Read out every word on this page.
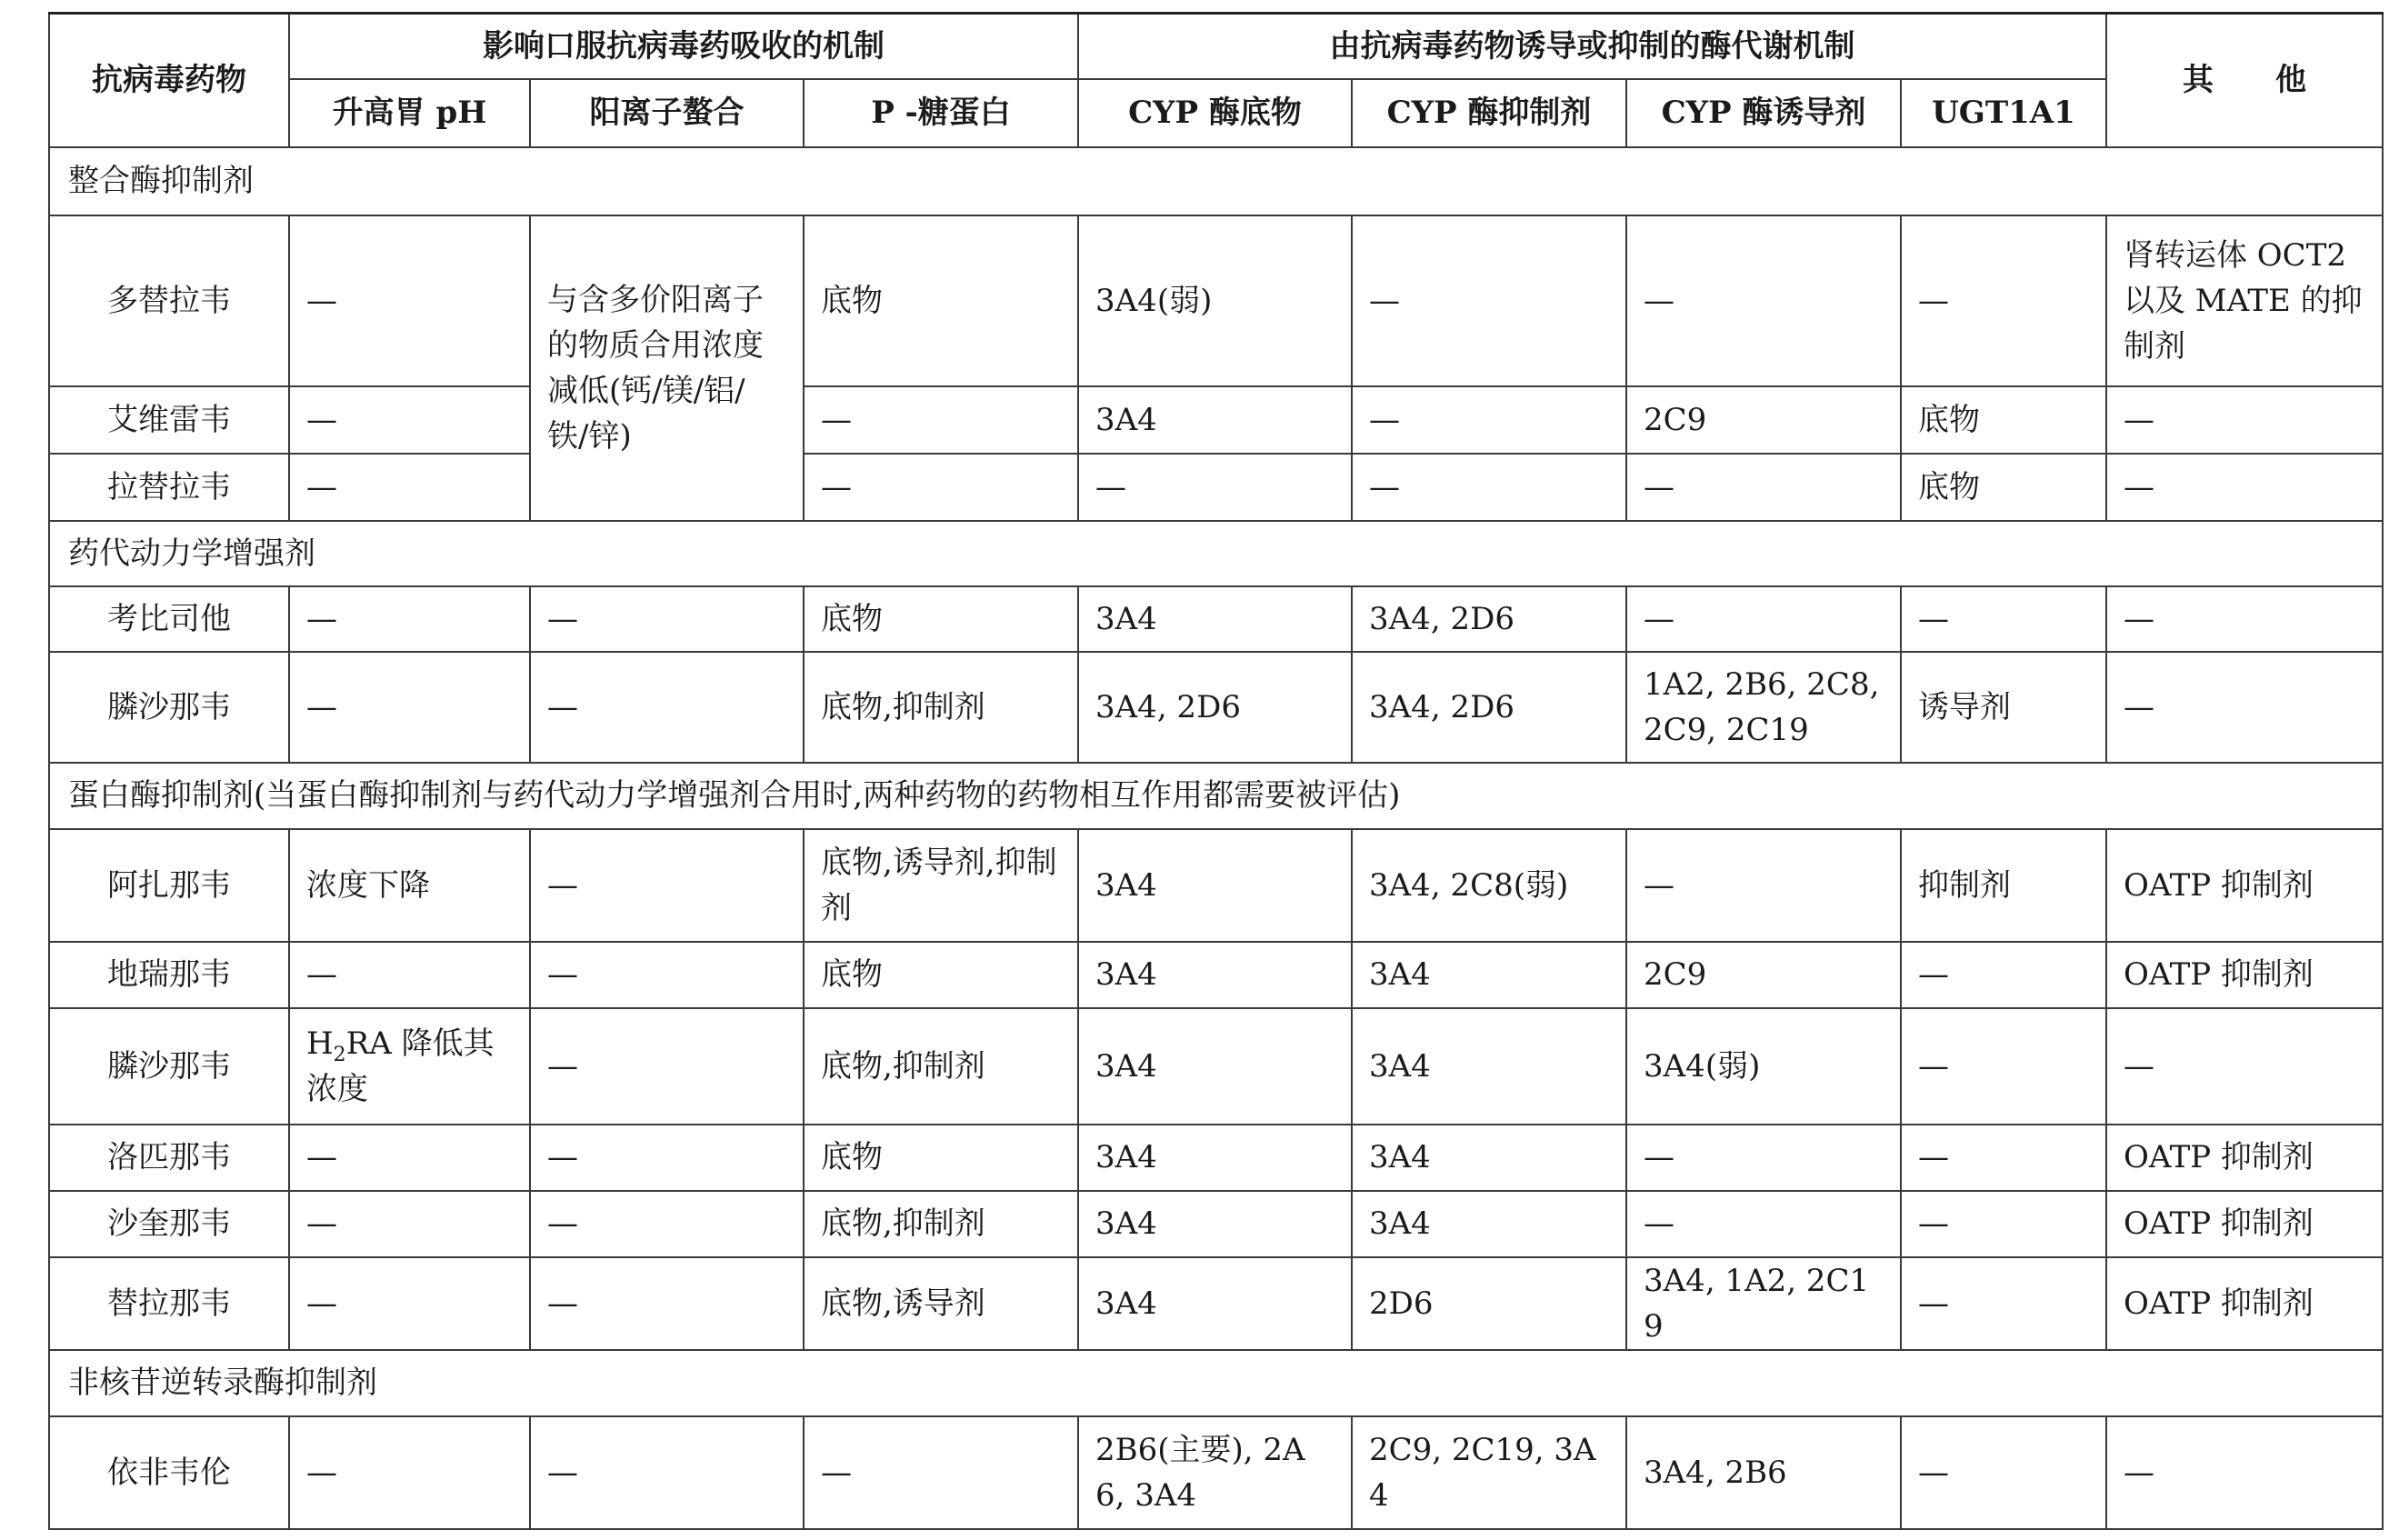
抗病毒药物	影响口服抗病毒药吸收的机制			由抗病毒药物诱导或抑制的酶代谢机制				其　　他
	升高胃 pH	阳离子螯合	P -糖蛋白	CYP 酶底物	CYP 酶抑制剂	CYP 酶诱导剂	UGT1A1	
整合酶抑制剂								
多替拉韦	—	与含多价阳离子的物质合用浓度减低(钙/镁/铝/铁/锌)	底物	3A4(弱)	—	—	—	肾转运体 OCT2 以及 MATE 的抑制剂
艾维雷韦	—		—	3A4	—	2C9	底物	—
拉替拉韦	—		—	—	—	—	底物	—
药代动力学增强剂								
考比司他	—	—	底物	3A4	3A4, 2D6	—	—	—
膦沙那韦	—	—	底物,抑制剂	3A4, 2D6	3A4, 2D6	1A2, 2B6, 2C8, 2C9, 2C19	诱导剂	—
蛋白酶抑制剂(当蛋白酶抑制剂与药代动力学增强剂合用时,两种药物的药物相互作用都需要被评估)								
阿扎那韦	浓度下降	—	底物,诱导剂,抑制剂	3A4	3A4, 2C8(弱)	—	抑制剂	OATP 抑制剂
地瑞那韦	—	—	底物	3A4	3A4	2C9	—	OATP 抑制剂
膦沙那韦	$H_2RA$ 降低其浓度	—	底物,抑制剂	3A4	3A4	3A4(弱)	—	—
洛匹那韦	—	—	底物	3A4	3A4	—	—	OATP 抑制剂
沙奎那韦	—	—	底物,抑制剂	3A4	3A4	—	—	OATP 抑制剂
替拉那韦	—	—	底物,诱导剂	3A4	2D6	3A4, 1A2, 2C19	—	OATP 抑制剂
非核苷逆转录酶抑制剂								
依非韦伦	—	—	—	2B6(主要), 2A6, 3A4	2C9, 2C19, 3A4	3A4, 2B6	—	—
